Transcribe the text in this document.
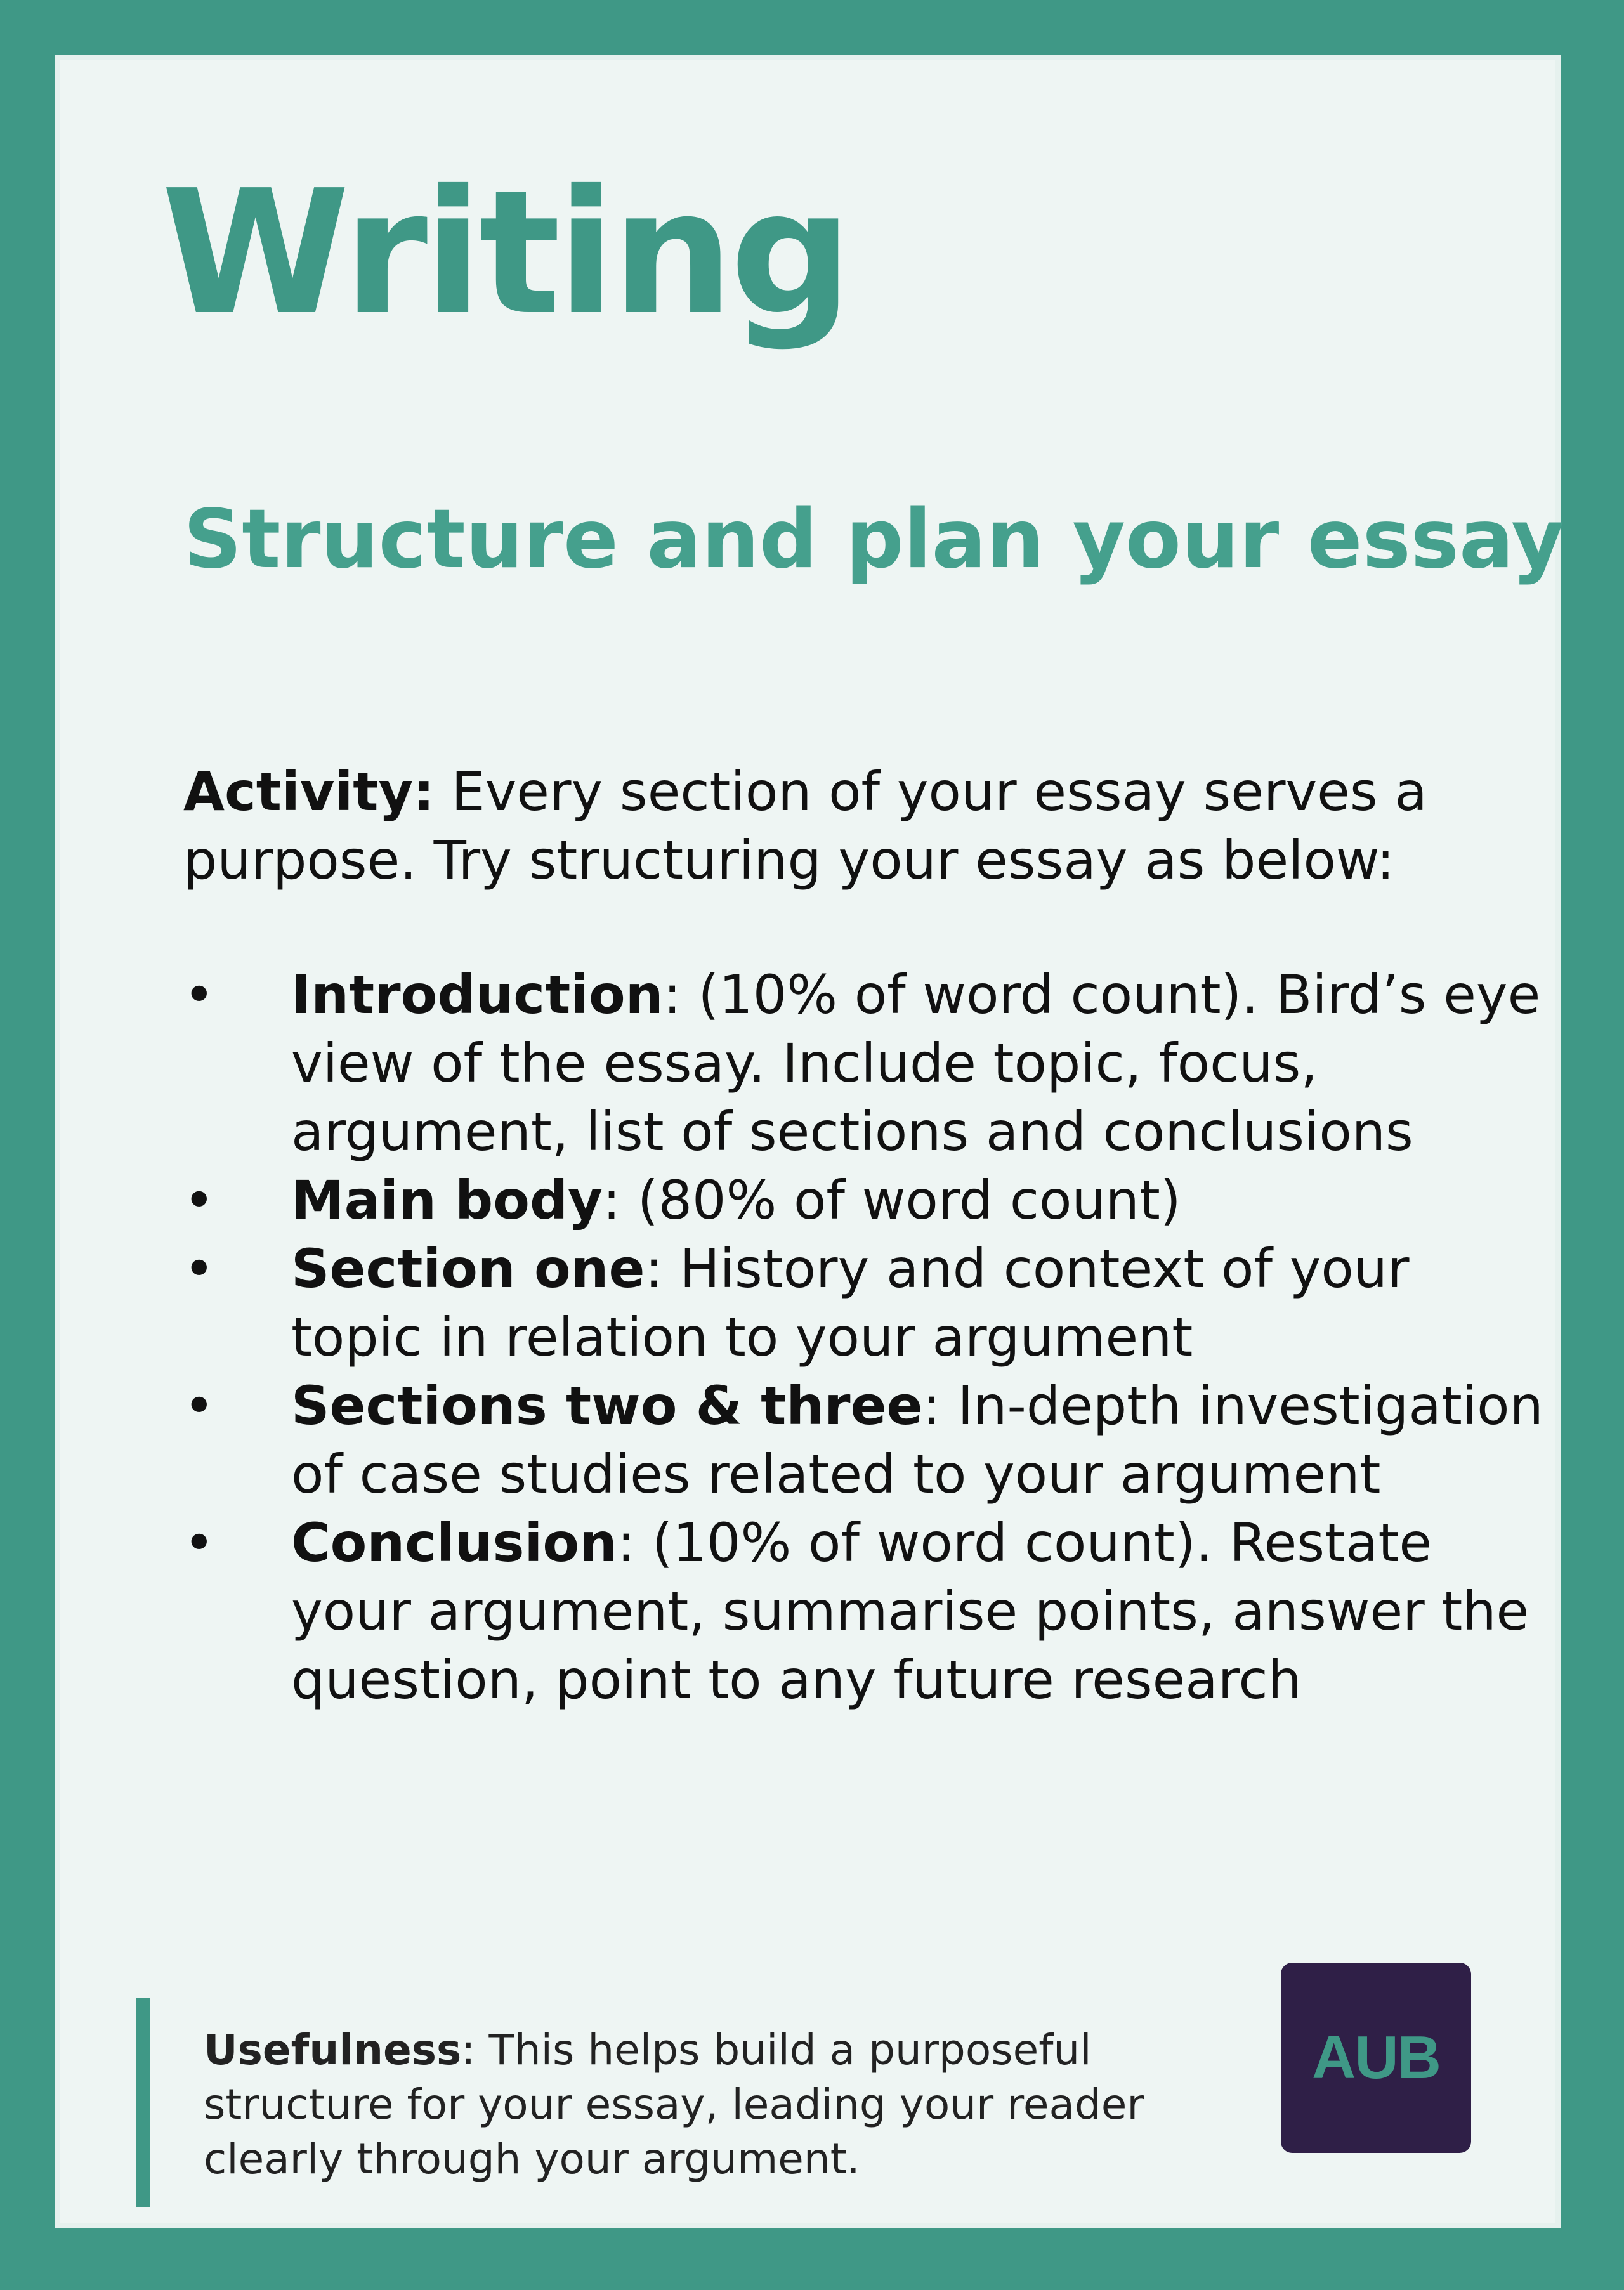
Writing
Structure and plan your essay

Activity: Every section of your essay serves a purpose. Try structuring your essay as below:

• Introduction: (10% of word count). Bird’s eye view of the essay. Include topic, focus, argument, list of sections and conclusions
• Main body: (80% of word count)
• Section one: History and context of your topic in relation to your argument
• Sections two & three: In-depth investigation of case studies related to your argument
• Conclusion: (10% of word count). Restate your argument, summarise points, answer the question, point to any future research

Usefulness: This helps build a purposeful structure for your essay, leading your reader clearly through your argument.

AUB
